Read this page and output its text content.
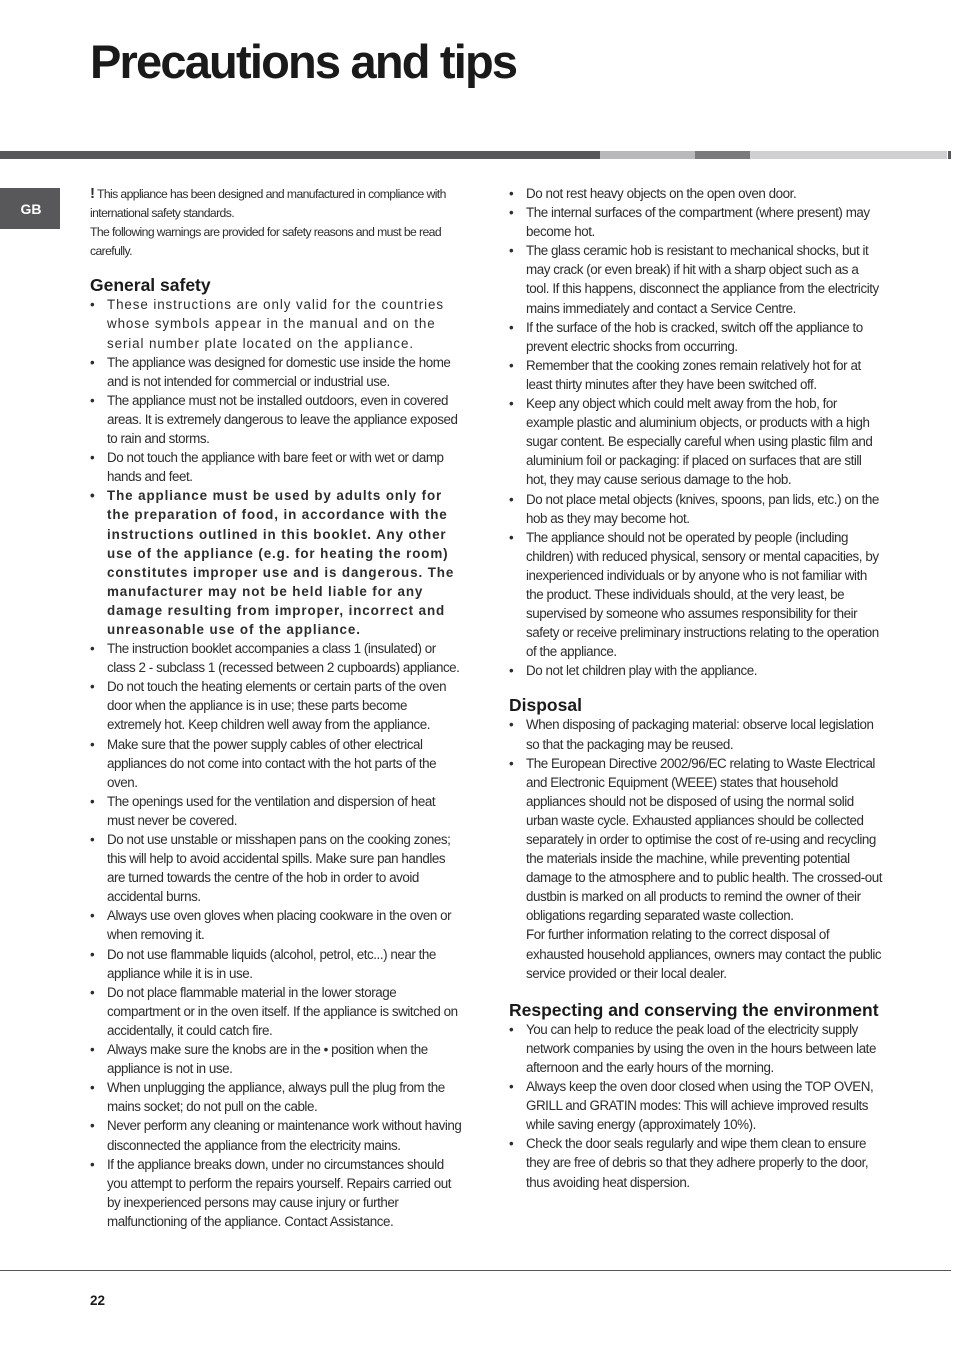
Precautions and tips
GB

! This appliance has been designed and manufactured in compliance with international safety standards.

The following warnings are provided for safety reasons and must be read carefully.

General safety
• These instructions are only valid for the countries whose symbols appear in the manual and on the serial number plate located on the appliance.
• The appliance was designed for domestic use inside the home and is not intended for commercial or industrial use.
• The appliance must not be installed outdoors, even in covered areas. It is extremely dangerous to leave the appliance exposed to rain and storms.
• Do not touch the appliance with bare feet or with wet or damp hands and feet.
• The appliance must be used by adults only for the preparation of food, in accordance with the instructions outlined in this booklet. Any other use of the appliance (e.g. for heating the room) constitutes improper use and is dangerous. The manufacturer may not be held liable for any damage resulting from improper, incorrect and unreasonable use of the appliance.
• The instruction booklet accompanies a class 1 (insulated) or class 2 - subclass 1 (recessed between 2 cupboards) appliance.
• Do not touch the heating elements or certain parts of the oven door when the appliance is in use; these parts become extremely hot. Keep children well away from the appliance.
• Make sure that the power supply cables of other electrical appliances do not come into contact with the hot parts of the oven.
• The openings used for the ventilation and dispersion of heat must never be covered.
• Do not use unstable or misshapen pans on the cooking zones; this will help to avoid accidental spills. Make sure pan handles are turned towards the centre of the hob in order to avoid accidental burns.
• Always use oven gloves when placing cookware in the oven or when removing it.
• Do not use flammable liquids (alcohol, petrol, etc...) near the appliance while it is in use.
• Do not place flammable material in the lower storage compartment or in the oven itself. If the appliance is switched on accidentally, it could catch fire.
• Always make sure the knobs are in the • position when the appliance is not in use.
• When unplugging the appliance, always pull the plug from the mains socket; do not pull on the cable.
• Never perform any cleaning or maintenance work without having disconnected the appliance from the electricity mains.
• If the appliance breaks down, under no circumstances should you attempt to perform the repairs yourself. Repairs carried out by inexperienced persons may cause injury or further malfunctioning of the appliance. Contact Assistance.
• Do not rest heavy objects on the open oven door.
• The internal surfaces of the compartment (where present) may become hot.
• The glass ceramic hob is resistant to mechanical shocks, but it may crack (or even break) if hit with a sharp object such as a tool. If this happens, disconnect the appliance from the electricity mains immediately and contact a Service Centre.
• If the surface of the hob is cracked, switch off the appliance to prevent electric shocks from occurring.
• Remember that the cooking zones remain relatively hot for at least thirty minutes after they have been switched off.
• Keep any object which could melt away from the hob, for example plastic and aluminium objects, or products with a high sugar content. Be especially careful when using plastic film and aluminium foil or packaging: if placed on surfaces that are still hot, they may cause serious damage to the hob.
• Do not place metal objects (knives, spoons, pan lids, etc.) on the hob as they may become hot.
• The appliance should not be operated by people (including children) with reduced physical, sensory or mental capacities, by inexperienced individuals or by anyone who is not familiar with the product. These individuals should, at the very least, be supervised by someone who assumes responsibility for their safety or receive preliminary instructions relating to the operation of the appliance.
• Do not let children play with the appliance.
Disposal
• When disposing of packaging material: observe local legislation so that the packaging may be reused.
• The European Directive 2002/96/EC relating to Waste Electrical and Electronic Equipment (WEEE) states that household appliances should not be disposed of using the normal solid urban waste cycle. Exhausted appliances should be collected separately in order to optimise the cost of re-using and recycling the materials inside the machine, while preventing potential damage to the atmosphere and to public health. The crossed-out dustbin is marked on all products to remind the owner of their obligations regarding separated waste collection.

For further information relating to the correct disposal of exhausted household appliances, owners may contact the public service provided or their local dealer.

Respecting and conserving the environment
• You can help to reduce the peak load of the electricity supply network companies by using the oven in the hours between late afternoon and the early hours of the morning.
• Always keep the oven door closed when using the TOP OVEN, GRILL and GRATIN modes: This will achieve improved results while saving energy (approximately 10%).
• Check the door seals regularly and wipe them clean to ensure they are free of debris so that they adhere properly to the door, thus avoiding heat dispersion.
22
